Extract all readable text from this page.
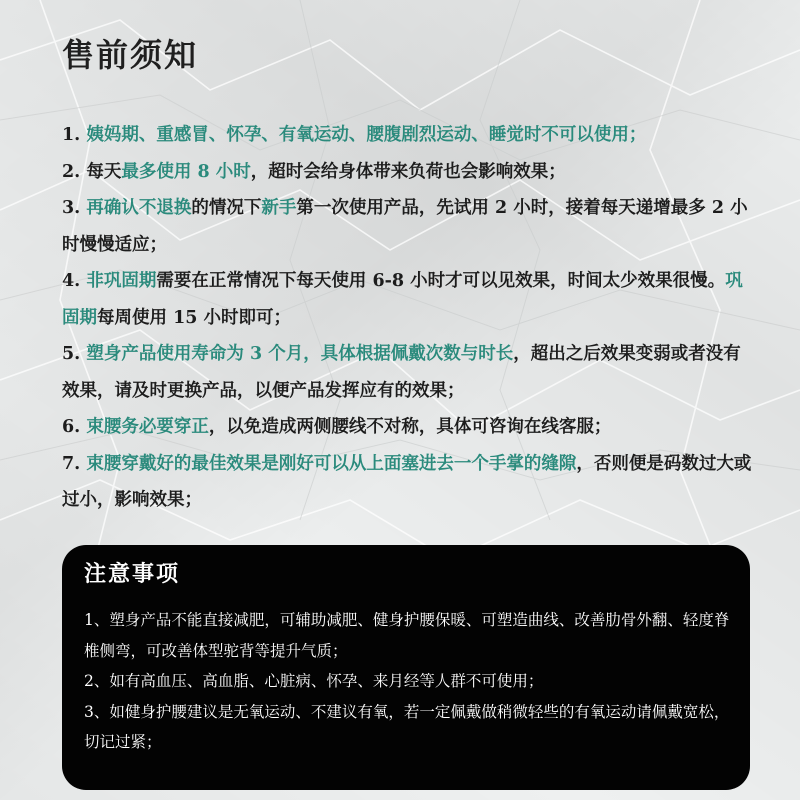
售前须知

1. 姨妈期、重感冒、怀孕、有氧运动、腰腹剧烈运动、睡觉时不可以使用；

2. 每天最多使用 8 小时，超时会给身体带来负荷也会影响效果；

3. 再确认不退换的情况下新手第一次使用产品，先试用 2 小时，接着每天递增最多 2 小时慢慢适应；

4. 非巩固期需要在正常情况下每天使用 6-8 小时才可以见效果，时间太少效果很慢。巩固期每周使用 15 小时即可；

5. 塑身产品使用寿命为 3 个月，具体根据佩戴次数与时长，超出之后效果变弱或者没有效果，请及时更换产品，以便产品发挥应有的效果；

6. 束腰务必要穿正，以免造成两侧腰线不对称，具体可咨询在线客服；

7. 束腰穿戴好的最佳效果是刚好可以从上面塞进去一个手掌的缝隙，否则便是码数过大或过小，影响效果；

注意事项

1、塑身产品不能直接减肥，可辅助减肥、健身护腰保暖、可塑造曲线、改善肋骨外翻、轻度脊椎侧弯，可改善体型驼背等提升气质；

2、如有高血压、高血脂、心脏病、怀孕、来月经等人群不可使用；

3、如健身护腰建议是无氧运动、不建议有氧，若一定佩戴做稍微轻些的有氧运动请佩戴宽松，切记过紧；
